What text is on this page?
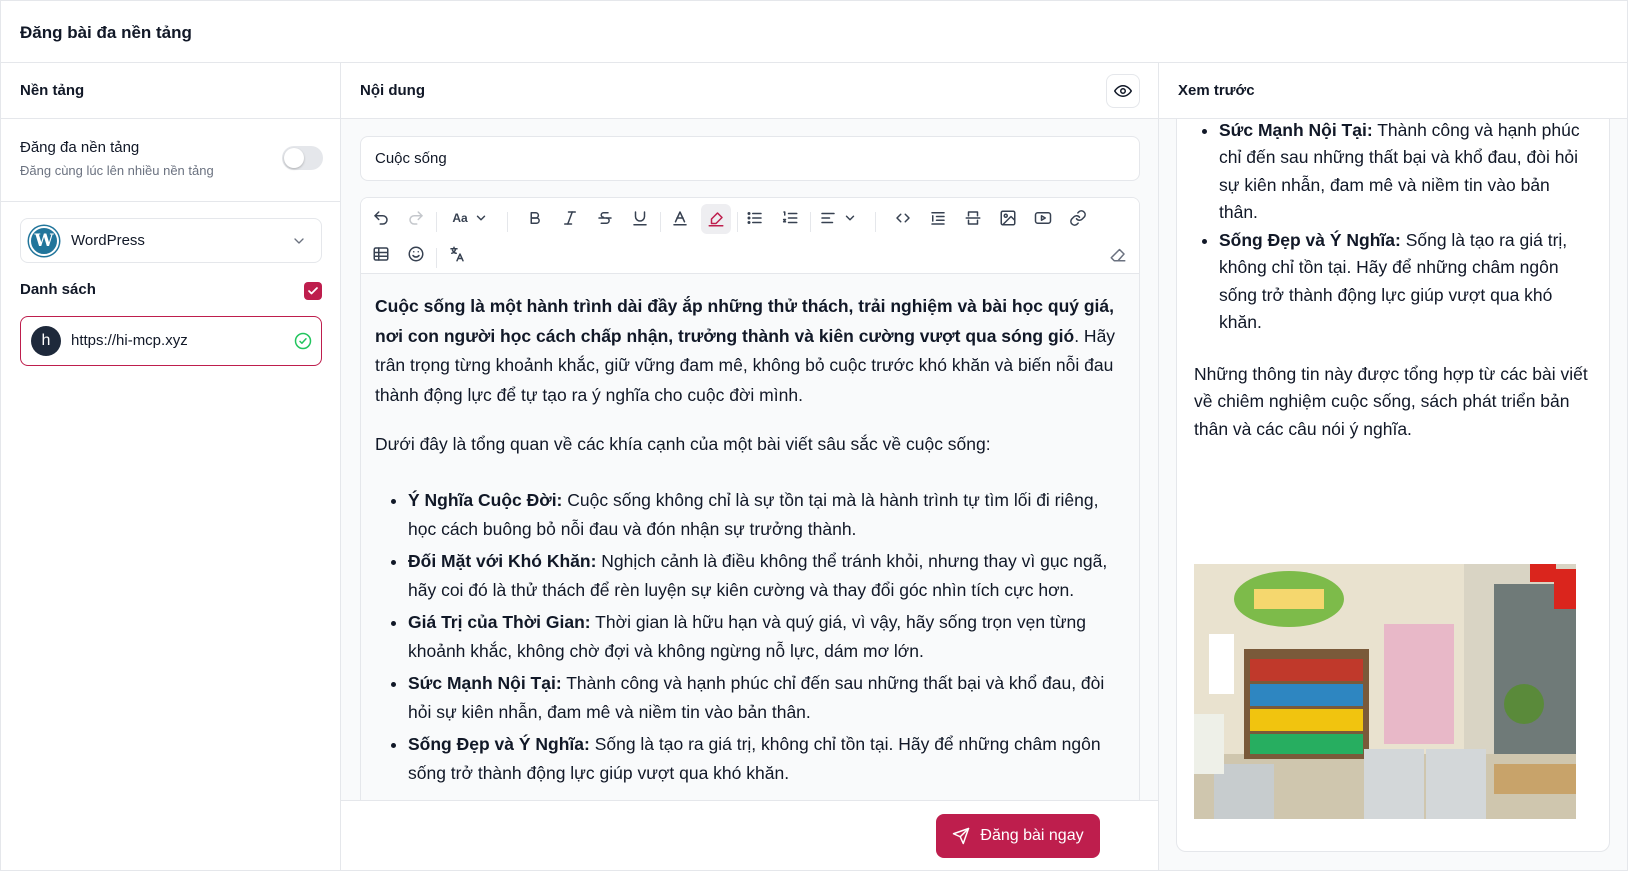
Đăng bài đa nền tảng
Nền tảng
Đăng đa nền tảng
Đăng cùng lúc lên nhiều nền tảng
W	WordPress
Danh sách
h	https://hi-mcp.xyz
Nội dung
Cuộc sống
Aa

Cuộc sống là một hành trình dài đầy ắp những thử thách, trải nghiệm và bài học quý giá, nơi con người học cách chấp nhận, trưởng thành và kiên cường vượt qua sóng gió. Hãy trân trọng từng khoảnh khắc, giữ vững đam mê, không bỏ cuộc trước khó khăn và biến nỗi đau thành động lực để tự tạo ra ý nghĩa cho cuộc đời mình.

Dưới đây là tổng quan về các khía cạnh của một bài viết sâu sắc về cuộc sống:

• Ý Nghĩa Cuộc Đời: Cuộc sống không chỉ là sự tồn tại mà là hành trình tự tìm lối đi riêng, học cách buông bỏ nỗi đau và đón nhận sự trưởng thành.
• Đối Mặt với Khó Khăn: Nghịch cảnh là điều không thể tránh khỏi, nhưng thay vì gục ngã, hãy coi đó là thử thách để rèn luyện sự kiên cường và thay đổi góc nhìn tích cực hơn.
• Giá Trị của Thời Gian: Thời gian là hữu hạn và quý giá, vì vậy, hãy sống trọn vẹn từng khoảnh khắc, không chờ đợi và không ngừng nỗ lực, dám mơ lớn.
• Sức Mạnh Nội Tại: Thành công và hạnh phúc chỉ đến sau những thất bại và khổ đau, đòi hỏi sự kiên nhẫn, đam mê và niềm tin vào bản thân.
• Sống Đẹp và Ý Nghĩa: Sống là tạo ra giá trị, không chỉ tồn tại. Hãy để những châm ngôn sống trở thành động lực giúp vượt qua khó khăn.

Đăng bài ngay
Xem trước
• Sức Mạnh Nội Tại: Thành công và hạnh phúc chỉ đến sau những thất bại và khổ đau, đòi hỏi sự kiên nhẫn, đam mê và niềm tin vào bản thân.
• Sống Đẹp và Ý Nghĩa: Sống là tạo ra giá trị, không chỉ tồn tại. Hãy để những châm ngôn sống trở thành động lực giúp vượt qua khó khăn.

Những thông tin này được tổng hợp từ các bài viết về chiêm nghiệm cuộc sống, sách phát triển bản thân và các câu nói ý nghĩa.
